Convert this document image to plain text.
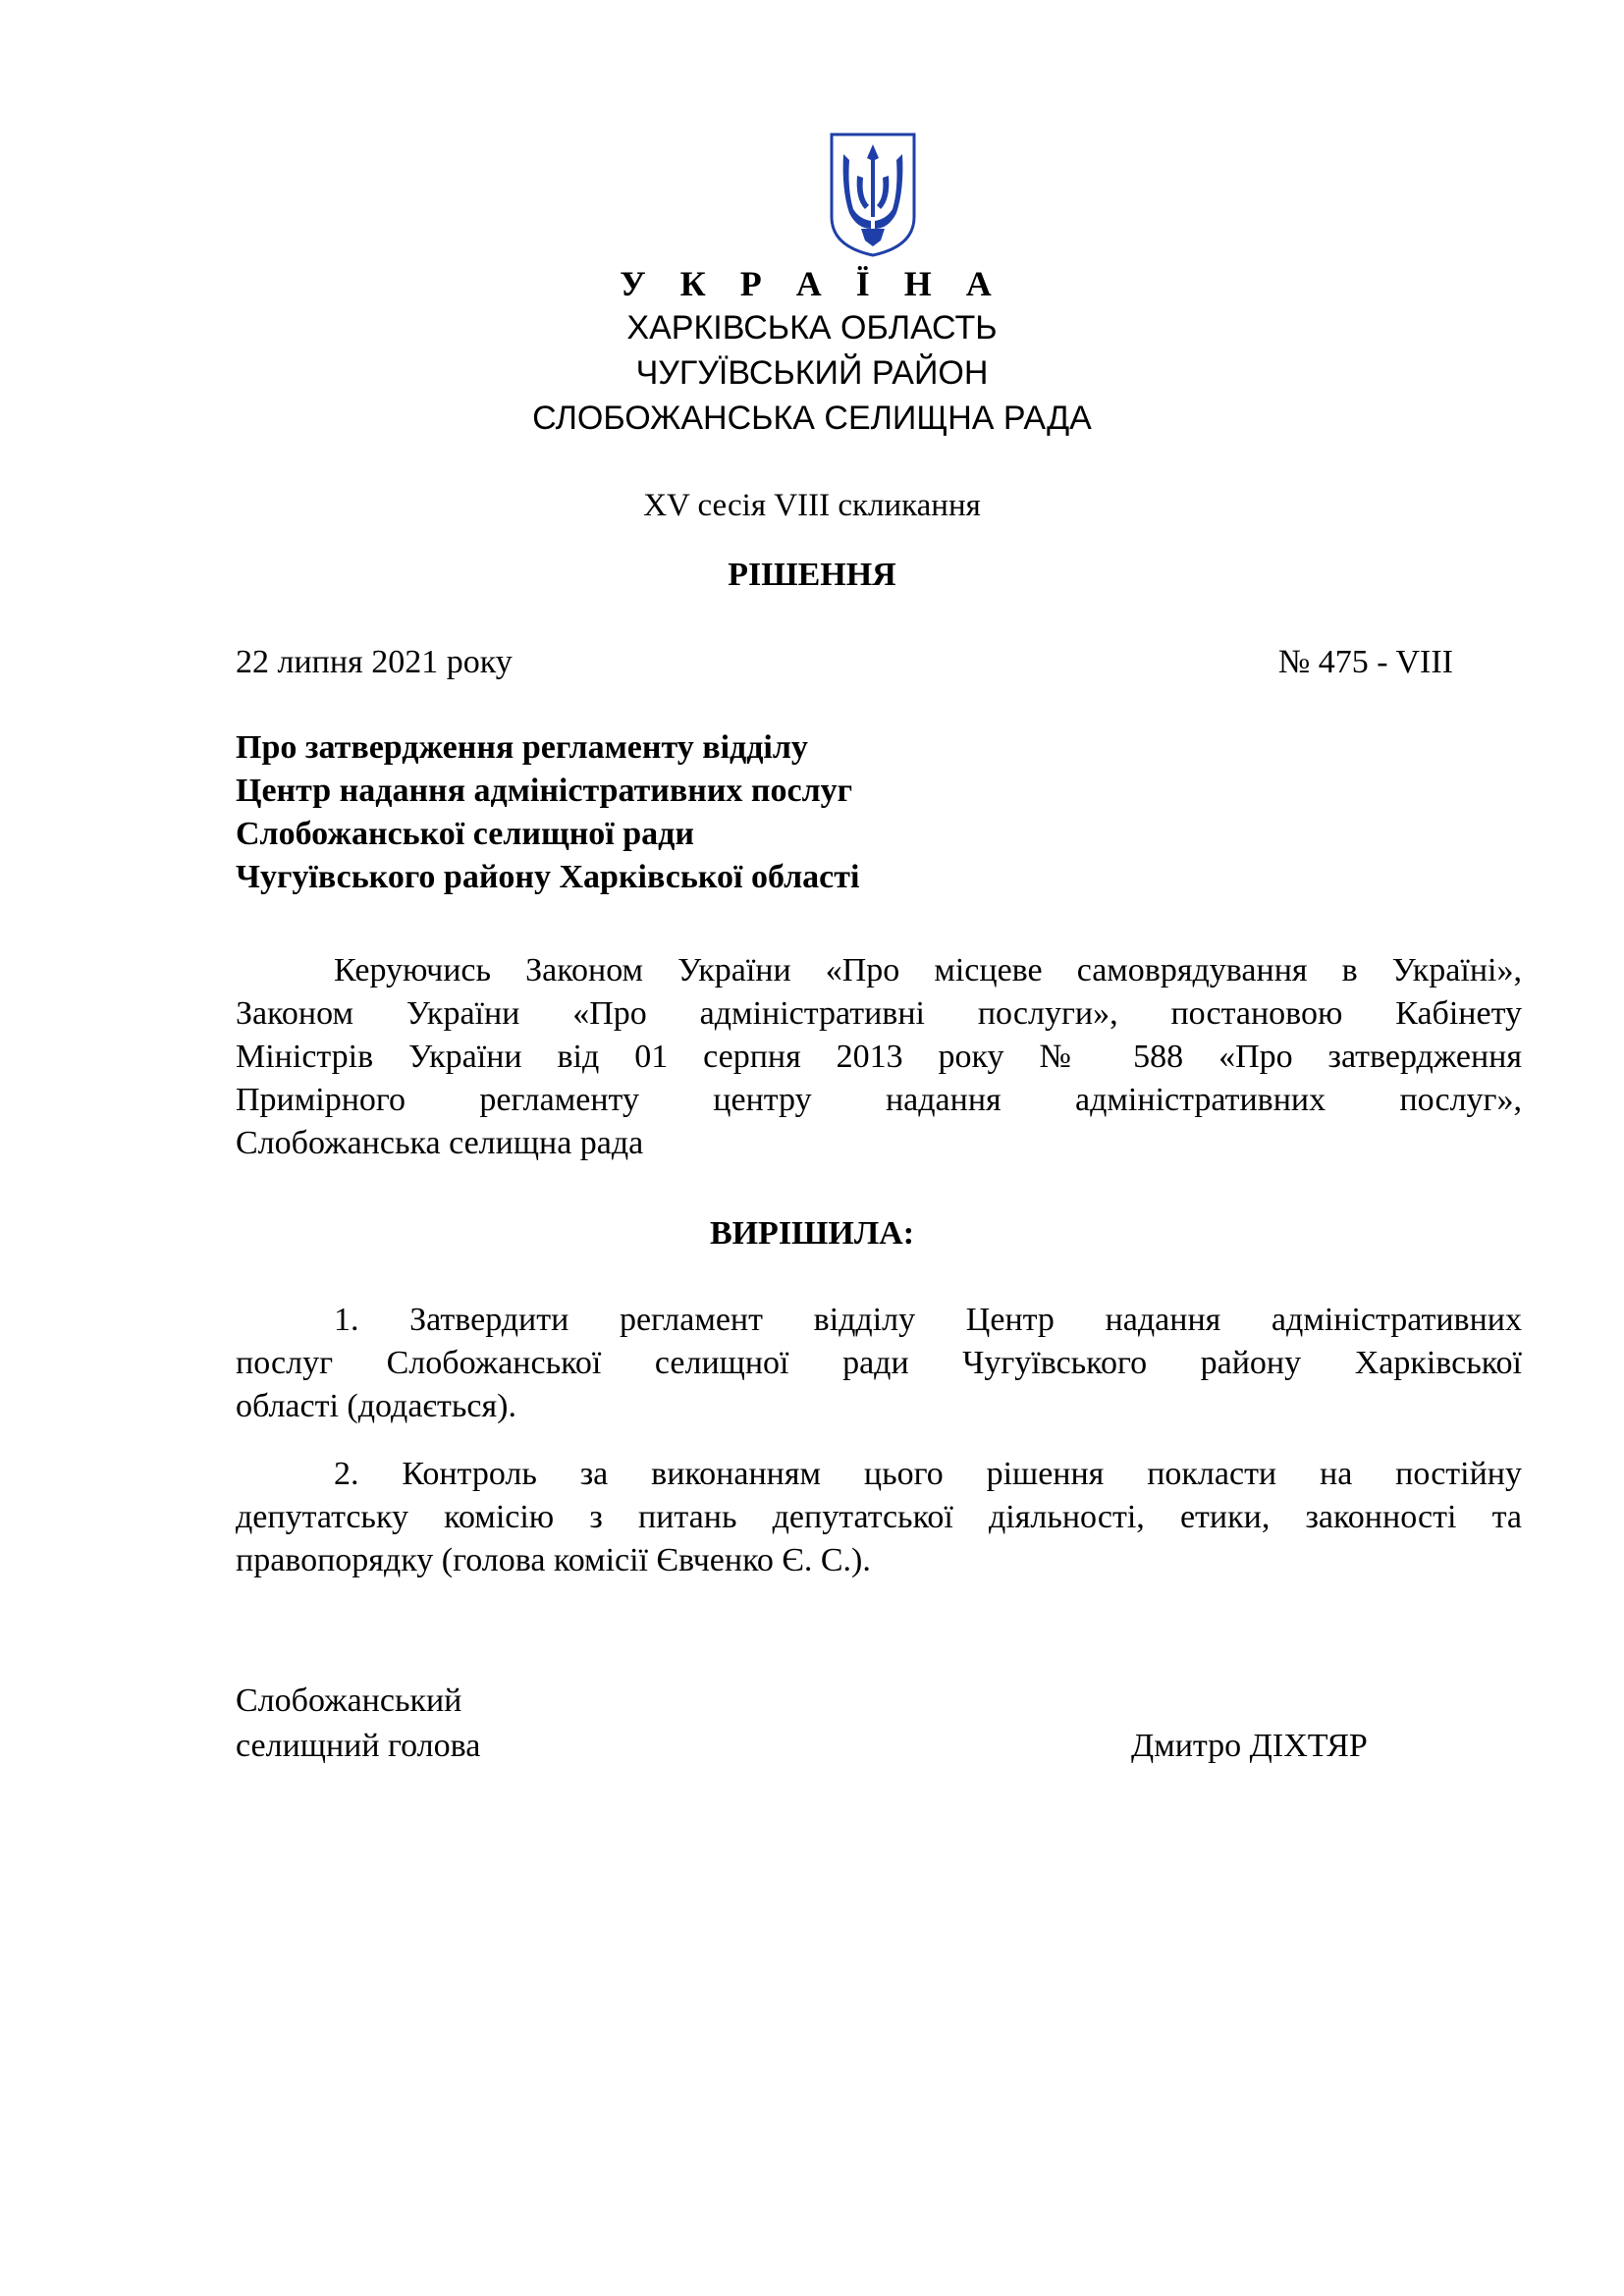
У К Р А Ї Н А
ХАРКІВСЬКА ОБЛАСТЬ
ЧУГУЇВСЬКИЙ РАЙОН
СЛОБОЖАНСЬКА СЕЛИЩНА РАДА
XV сесія VIII скликання
РІШЕННЯ
22 липня 2021 року	№ 475 - VIII
Про затвердження регламенту відділу
Центр надання адміністративних послуг
Слобожанської селищної ради
Чугуївського району Харківської області
Керуючись Законом України «Про місцеве самоврядування в Україні»,
Законом України «Про адміністративні послуги», постановою Кабінету
Міністрів України від 01 серпня 2013 року № 588 «Про затвердження
Примірного регламенту центру надання адміністративних послуг»,
Слобожанська селищна рада
ВИРІШИЛА:
1. Затвердити регламент відділу Центр надання адміністративних
послуг Слобожанської селищної ради Чугуївського району Харківської
області (додається).
2. Контроль за виконанням цього рішення покласти на постійну
депутатську комісію з питань депутатської діяльності, етики, законності та
правопорядку (голова комісії Євченко Є. С.).
Слобожанський
селищний голова	Дмитро ДІХТЯР
